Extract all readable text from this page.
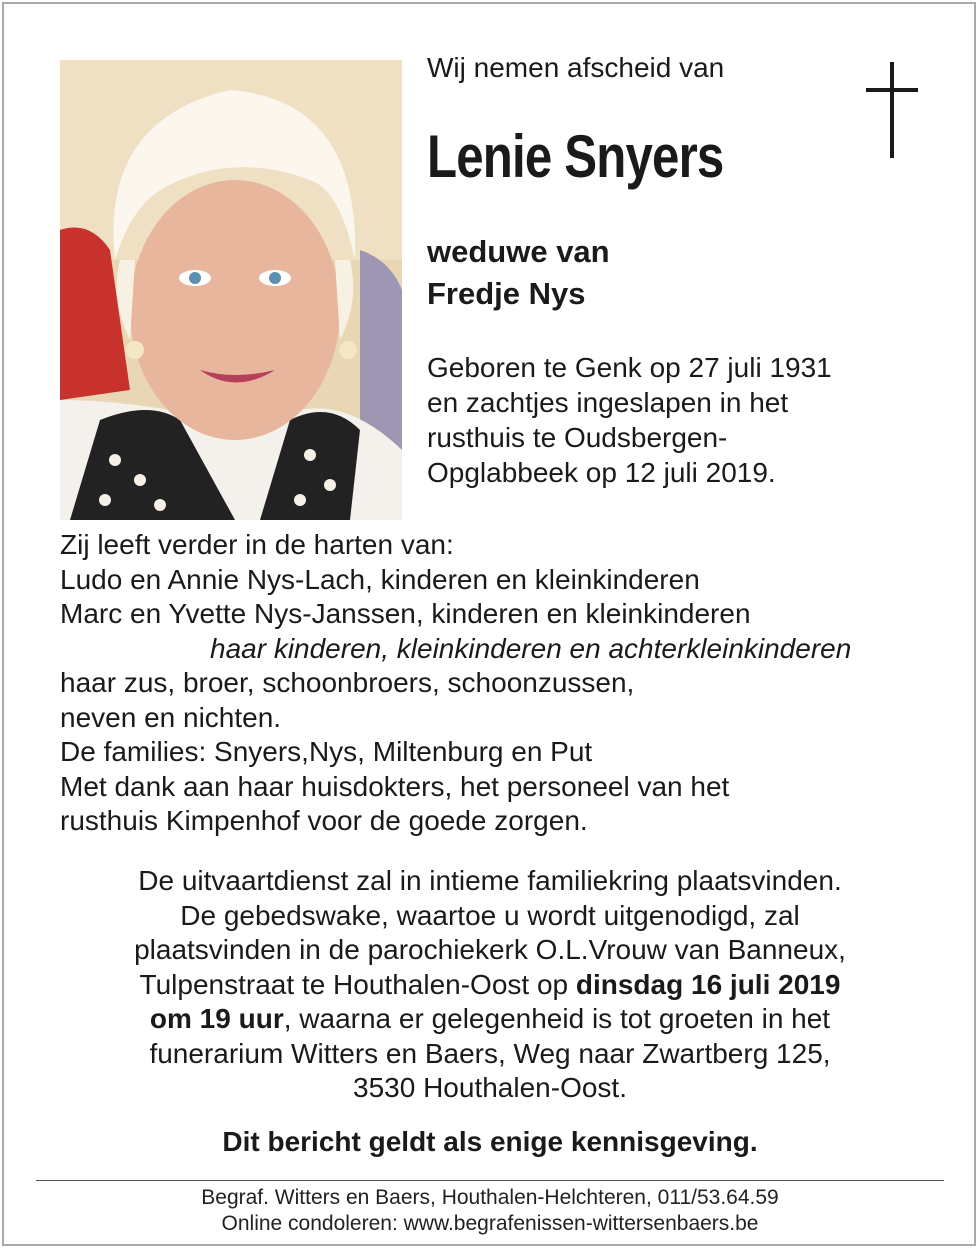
Wij nemen afscheid van
Lenie Snyers
weduwe van
Fredje Nys
Geboren te Genk op 27 juli 1931
en zachtjes ingeslapen in het
rusthuis te Oudsbergen-
Opglabbeek op 12 juli 2019.
Zij leeft verder in de harten van:
Ludo en Annie Nys-Lach, kinderen en kleinkinderen
Marc en Yvette Nys-Janssen, kinderen en kleinkinderen
haar kinderen, kleinkinderen en achterkleinkinderen
haar zus, broer, schoonbroers, schoonzussen,
neven en nichten.
De families: Snyers,Nys, Miltenburg en Put
Met dank aan haar huisdokters, het personeel van het
rusthuis Kimpenhof voor de goede zorgen.
De uitvaartdienst zal in intieme familiekring plaatsvinden.
De gebedswake, waartoe u wordt uitgenodigd, zal
plaatsvinden in de parochiekerk O.L.Vrouw van Banneux,
Tulpenstraat te Houthalen-Oost op dinsdag 16 juli 2019
om 19 uur, waarna er gelegenheid is tot groeten in het
funerarium Witters en Baers, Weg naar Zwartberg 125,
3530 Houthalen-Oost.
Dit bericht geldt als enige kennisgeving.
Begraf. Witters en Baers, Houthalen-Helchteren, 011/53.64.59
Online condoleren: www.begrafenissen-wittersenbaers.be
